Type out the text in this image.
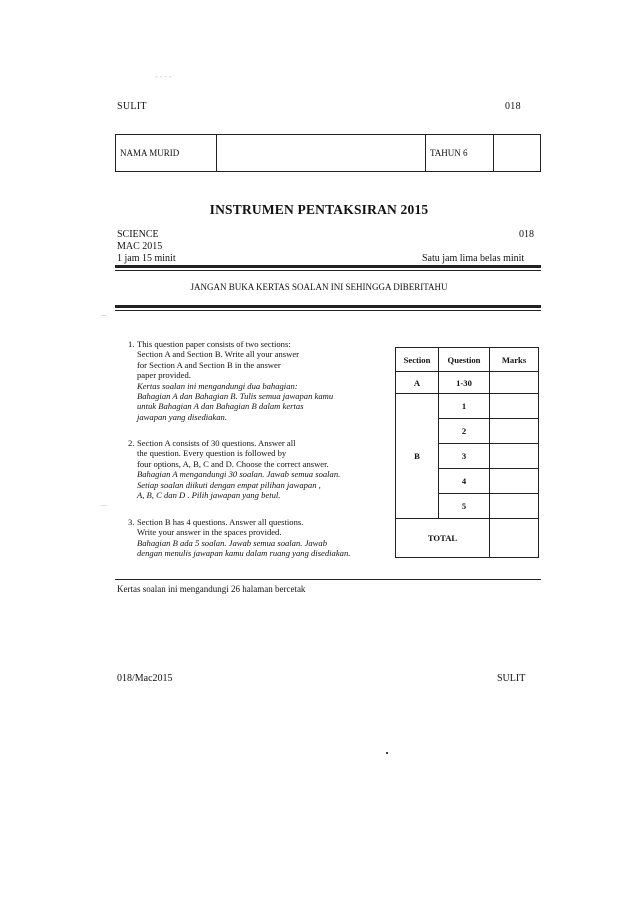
‐ ‐ ‐ ‐
⌒
⌒
SULIT	018
NAMA MURID		TAHUN 6	
INSTRUMEN PENTAKSIRAN 2015
SCIENCE	018
MAC 2015
1 jam 15 minit	Satu jam lima belas minit
JANGAN BUKA KERTAS SOALAN INI SEHINGGA DIBERITAHU
1. This question paper consists of two sections:

Section A and Section B. Write all your answer

for Section A and Section B in the answer

paper provided.

Kertas soalan ini mengandungi dua bahagian:

Bahagian A dan Bahagian B. Tulis semua jawapan kamu

untuk Bahagian A dan Bahagian B dalam kertas

jawapan yang disediakan.

2. Section A consists of 30 questions. Answer all

the question. Every question is followed by

four options, A, B, C and D. Choose the correct answer.

Bahagian A mengandungi 30 soalan. Jawab semua soalan.

Setiap soalan diikuti dengan empat pilihan jawapan ,

A, B, C dan D . Pilih jawapan yang betul.

3. Section B has 4 questions. Answer all questions.

Write your answer in the spaces provided.

Bahagian B ada 5 soalan. Jawab semua soalan. Jawab

dengan menulis jawapan kamu dalam ruang yang disediakan.

Section	Question	Marks
A	1-30	
B	1	
	2	
	3	
	4	
	5	
TOTAL		
Kertas soalan ini mengandungi 26 halaman bercetak
018/Mac2015	SULIT
